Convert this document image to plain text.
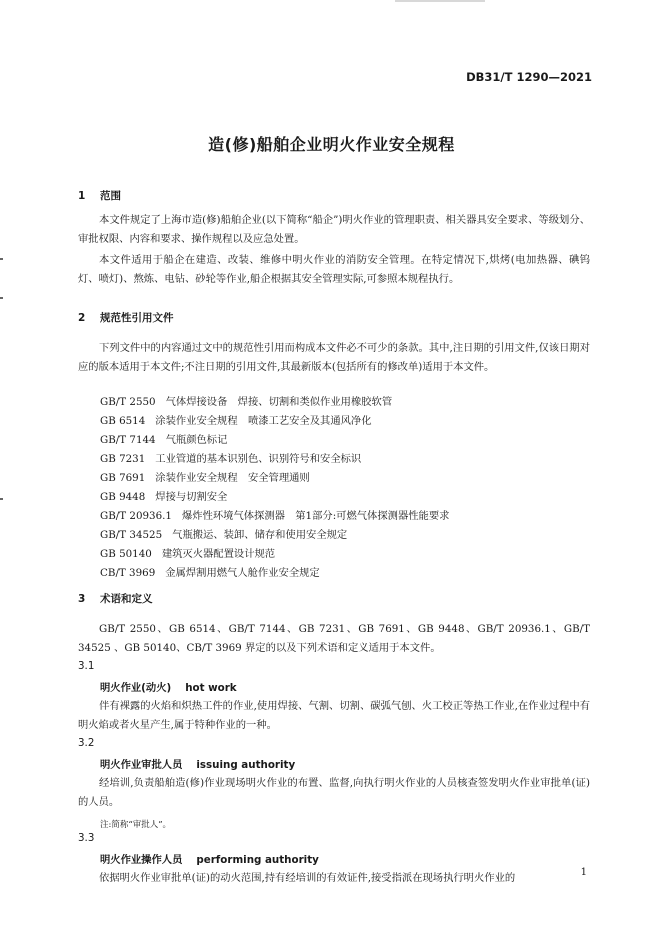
DB31/T 1290—2021
造(修)船舶企业明火作业安全规程
1 范围

本文件规定了上海市造(修)船舶企业(以下简称“船企”)明火作业的管理职责、相关器具安全要求、等级划分、审批权限、内容和要求、操作规程以及应急处置。

本文件适用于船企在建造、改装、维修中明火作业的消防安全管理。在特定情况下,烘烤(电加热器、碘钨灯、喷灯)、熬炼、电钻、砂轮等作业,船企根据其安全管理实际,可参照本规程执行。

2 规范性引用文件

下列文件中的内容通过文中的规范性引用而构成本文件必不可少的条款。其中,注日期的引用文件,仅该日期对应的版本适用于本文件;不注日期的引用文件,其最新版本(包括所有的修改单)适用于本文件。

GB/T 2550 气体焊接设备　焊接、切割和类似作业用橡胶软管
GB 6514 涂装作业安全规程　喷漆工艺安全及其通风净化
GB/T 7144 气瓶颜色标记
GB 7231 工业管道的基本识别色、识别符号和安全标识
GB 7691 涂装作业安全规程　安全管理通则
GB 9448 焊接与切割安全
GB/T 20936.1 爆炸性环境气体探测器　第1部分:可燃气体探测器性能要求
GB/T 34525 气瓶搬运、装卸、储存和使用安全规定
GB 50140 建筑灭火器配置设计规范
CB/T 3969 金属焊割用燃气人舱作业安全规定
3 术语和定义

GB/T 2550、GB 6514、GB/T 7144、GB 7231、GB 7691、GB 9448、GB/T 20936.1、GB/T 34525 、GB 50140、CB/T 3969 界定的以及下列术语和定义适用于本文件。

3.1
明火作业(动火) hot work

伴有裸露的火焰和炽热工件的作业,使用焊接、气割、切割、碳弧气刨、火工校正等热工作业,在作业过程中有明火焰或者火星产生,属于特种作业的一种。

3.2
明火作业审批人员 issuing authority

经培训,负责船舶造(修)作业现场明火作业的布置、监督,向执行明火作业的人员核查签发明火作业审批单(证)的人员。

注:简称“审批人”。
3.3
明火作业操作人员 performing authority

依据明火作业审批单(证)的动火范围,持有经培训的有效证件,接受指派在现场执行明火作业的	1
